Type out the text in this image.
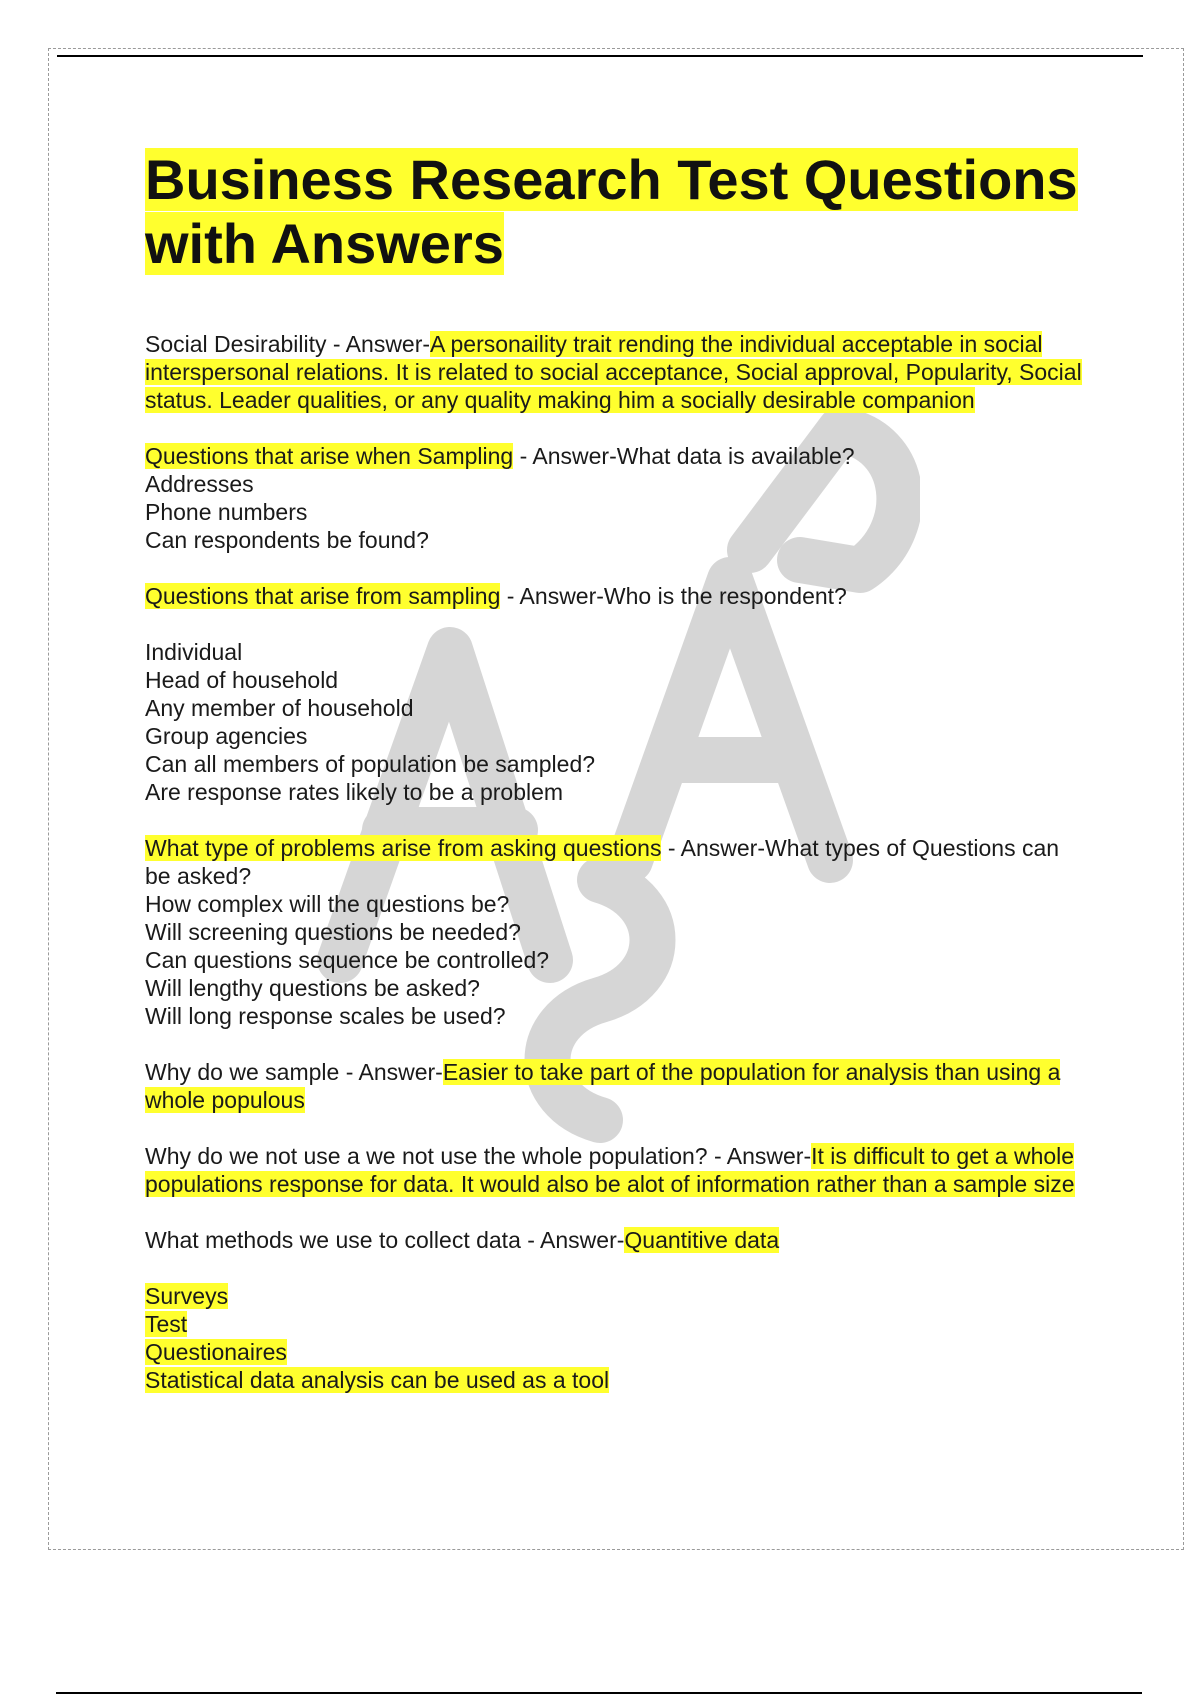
Business Research Test Questions with Answers

Social Desirability - Answer-A personaility trait rending the individual acceptable in social interspersonal relations. It is related to social acceptance, Social approval, Popularity, Social status. Leader qualities, or any quality making him a socially desirable companion

Questions that arise when Sampling - Answer-What data is available?
Addresses
Phone numbers
Can respondents be found?

Questions that arise from sampling - Answer-Who is the respondent?

Individual
Head of household
Any member of household
Group agencies
Can all members of population be sampled?
Are response rates likely to be a problem

What type of problems arise from asking questions - Answer-What types of Questions can be asked?
How complex will the questions be?
Will screening questions be needed?
Can questions sequence be controlled?
Will lengthy questions be asked?
Will long response scales be used?

Why do we sample - Answer-Easier to take part of the population for analysis than using a whole populous

Why do we not use a we not use the whole population? - Answer-It is difficult to get a whole populations response for data. It would also be alot of information rather than a sample size

What methods we use to collect data - Answer-Quantitive data

Surveys
Test
Questionaires
Statistical data analysis can be used as a tool
